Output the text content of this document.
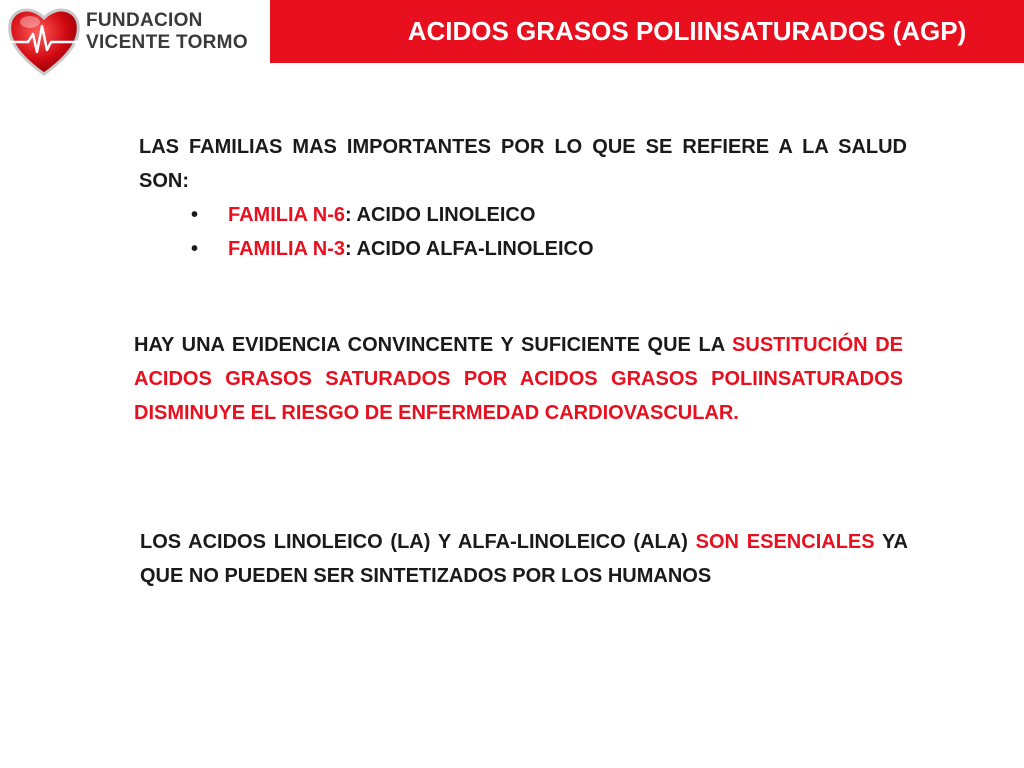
FUNDACION
VICENTE TORMO	ACIDOS GRASOS POLIINSATURADOS (AGP)
LAS FAMILIAS MAS IMPORTANTES POR LO QUE SE REFIERE A LA SALUD SON:
• FAMILIA N-6: ACIDO LINOLEICO
• FAMILIA N-3: ACIDO ALFA-LINOLEICO
HAY UNA EVIDENCIA CONVINCENTE Y SUFICIENTE QUE LA SUSTITUCIÓN DE ACIDOS GRASOS SATURADOS POR ACIDOS GRASOS POLIINSATURADOS DISMINUYE EL RIESGO DE ENFERMEDAD CARDIOVASCULAR.
LOS ACIDOS LINOLEICO (LA) Y ALFA-LINOLEICO (ALA) SON ESENCIALES YA QUE NO PUEDEN SER SINTETIZADOS POR LOS HUMANOS
